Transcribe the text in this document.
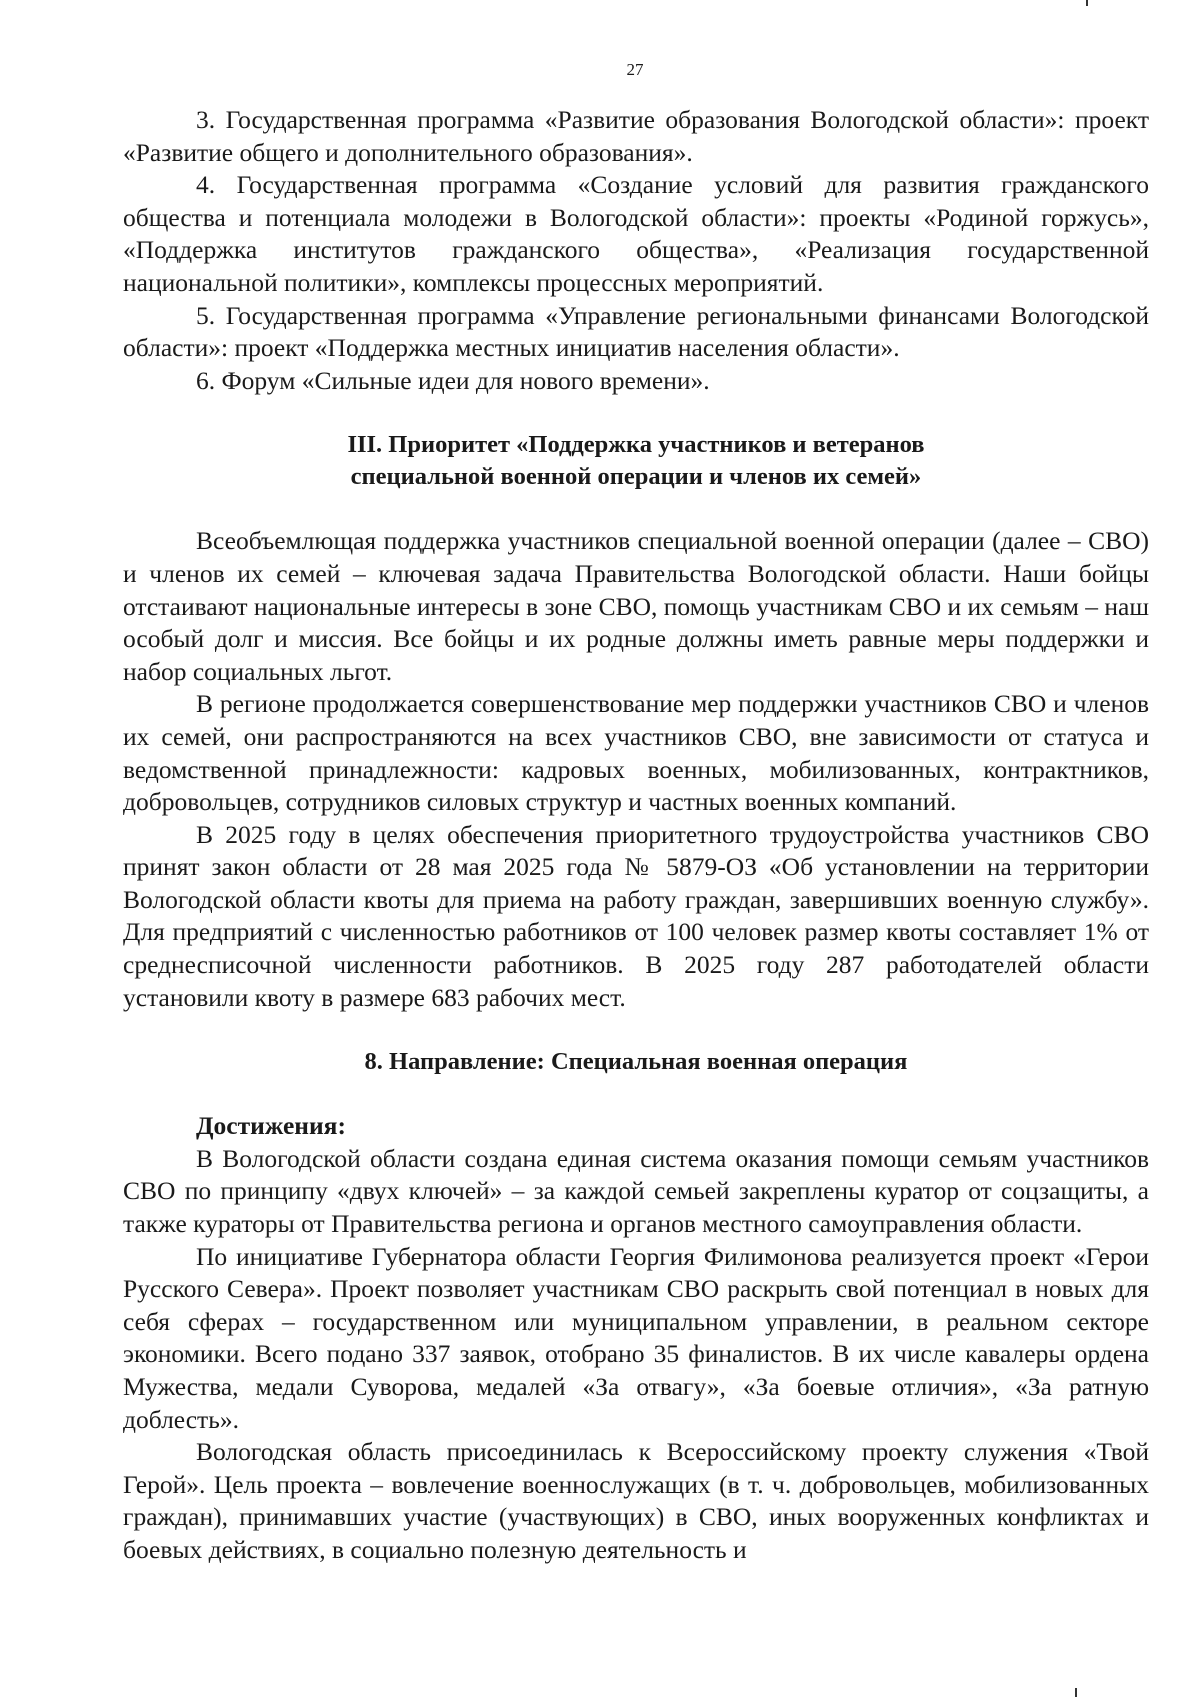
27

3. Государственная программа «Развитие образования Вологодской области»: проект «Развитие общего и дополнительного образования».

4. Государственная программа «Создание условий для развития гражданского общества и потенциала молодежи в Вологодской области»: проекты «Родиной горжусь», «Поддержка институтов гражданского общества», «Реализация государственной национальной политики», комплексы процессных мероприятий.

5. Государственная программа «Управление региональными финансами Вологодской области»: проект «Поддержка местных инициатив населения области».

6. Форум «Сильные идеи для нового времени».

III. Приоритет «Поддержка участников и ветеранов
специальной военной операции и членов их семей»

Всеобъемлющая поддержка участников специальной военной операции (далее – СВО) и членов их семей – ключевая задача Правительства Вологодской области. Наши бойцы отстаивают национальные интересы в зоне СВО, помощь участникам СВО и их семьям – наш особый долг и миссия. Все бойцы и их родные должны иметь равные меры поддержки и набор социальных льгот.

В регионе продолжается совершенствование мер поддержки участников СВО и членов их семей, они распространяются на всех участников СВО, вне зависимости от статуса и ведомственной принадлежности: кадровых военных, мобилизованных, контрактников, добровольцев, сотрудников силовых структур и частных военных компаний.

В 2025 году в целях обеспечения приоритетного трудоустройства участников СВО принят закон области от 28 мая 2025 года № 5879-ОЗ «Об установлении на территории Вологодской области квоты для приема на работу граждан, завершивших военную службу». Для предприятий с численностью работников от 100 человек размер квоты составляет 1% от среднесписочной численности работников. В 2025 году 287 работодателей области установили квоту в размере 683 рабочих мест.

8. Направление: Специальная военная операция

Достижения:

В Вологодской области создана единая система оказания помощи семьям участников СВО по принципу «двух ключей» – за каждой семьей закреплены куратор от соцзащиты, а также кураторы от Правительства региона и органов местного самоуправления области.

По инициативе Губернатора области Георгия Филимонова реализуется проект «Герои Русского Севера». Проект позволяет участникам СВО раскрыть свой потенциал в новых для себя сферах – государственном или муниципальном управлении, в реальном секторе экономики. Всего подано 337 заявок, отобрано 35 финалистов. В их числе кавалеры ордена Мужества, медали Суворова, медалей «За отвагу», «За боевые отличия», «За ратную доблесть».

Вологодская область присоединилась к Всероссийскому проекту служения «Твой Герой». Цель проекта – вовлечение военнослужащих (в т. ч. добровольцев, мобилизованных граждан), принимавших участие (участвующих) в СВО, иных вооруженных конфликтах и боевых действиях, в социально полезную деятельность и
